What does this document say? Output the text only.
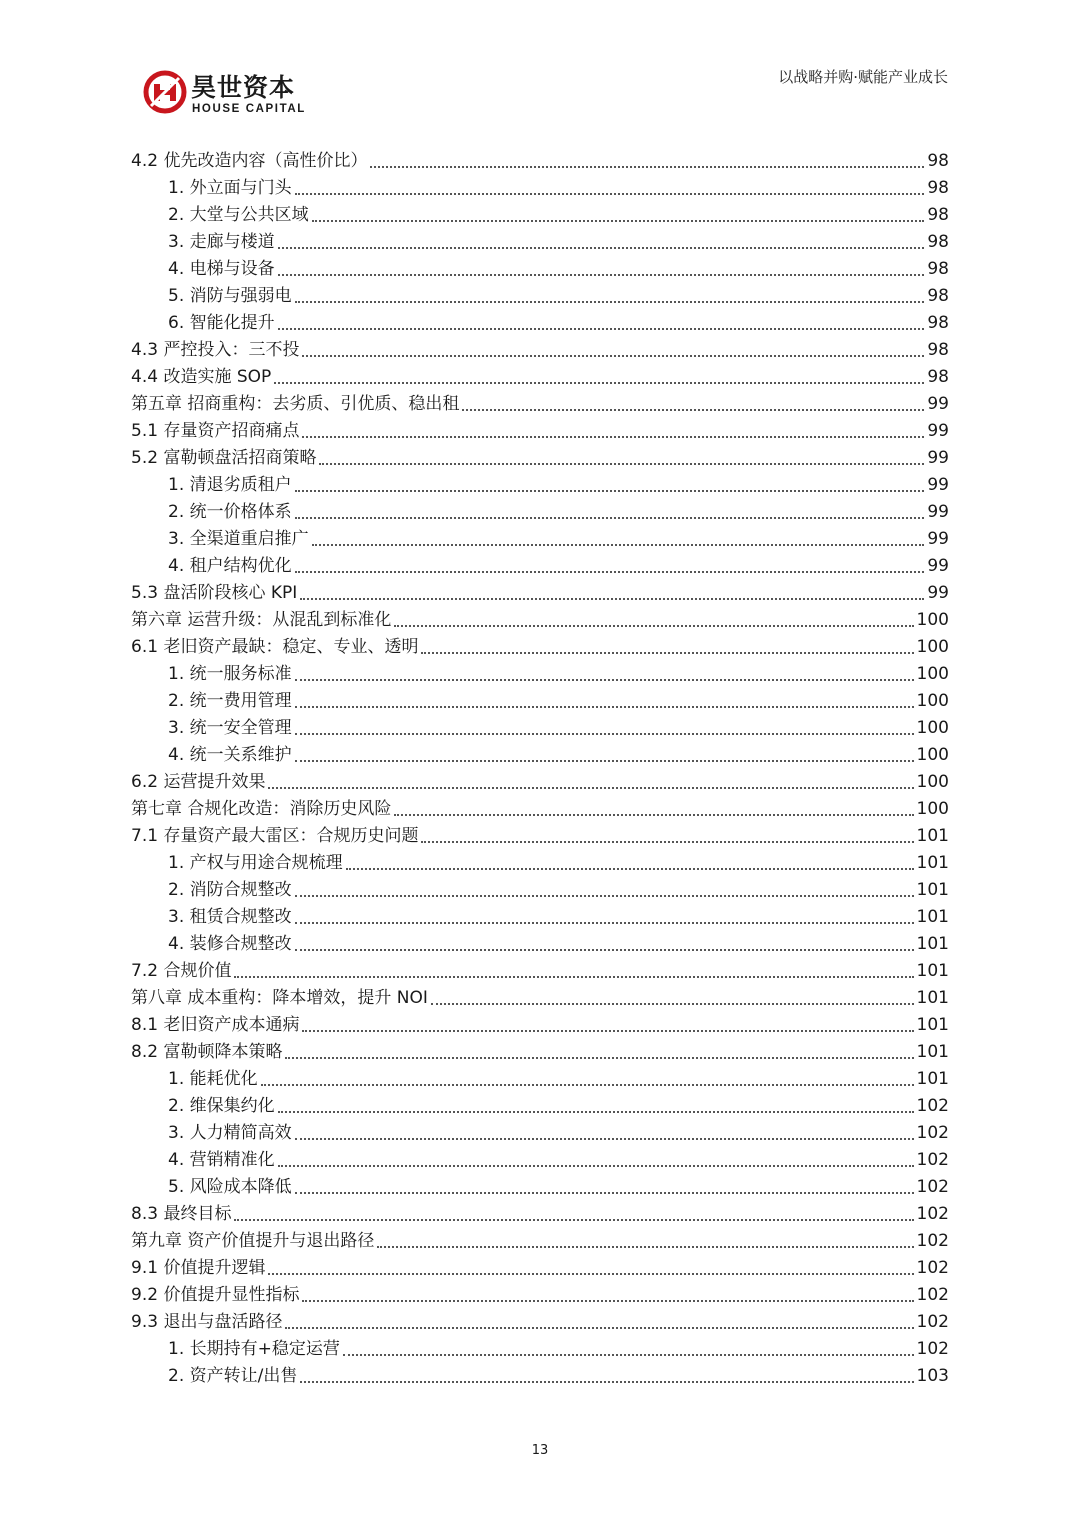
昊世资本
HOUSE CAPITAL
以战略并购·赋能产业成长
4.2 优先改造内容（高性价比）	98
1. 外立面与门头	98
2. 大堂与公共区域	98
3. 走廊与楼道	98
4. 电梯与设备	98
5. 消防与强弱电	98
6. 智能化提升	98
4.3 严控投入：三不投	98
4.4 改造实施 SOP	98
第五章 招商重构：去劣质、引优质、稳出租	99
5.1 存量资产招商痛点	99
5.2 富勒顿盘活招商策略	99
1. 清退劣质租户	99
2. 统一价格体系	99
3. 全渠道重启推广	99
4. 租户结构优化	99
5.3 盘活阶段核心 KPI	99
第六章 运营升级：从混乱到标准化	100
6.1 老旧资产最缺：稳定、专业、透明	100
1. 统一服务标准	100
2. 统一费用管理	100
3. 统一安全管理	100
4. 统一关系维护	100
6.2 运营提升效果	100
第七章 合规化改造：消除历史风险	100
7.1 存量资产最大雷区：合规历史问题	101
1. 产权与用途合规梳理	101
2. 消防合规整改	101
3. 租赁合规整改	101
4. 装修合规整改	101
7.2 合规价值	101
第八章 成本重构：降本增效，提升 NOI	101
8.1 老旧资产成本通病	101
8.2 富勒顿降本策略	101
1. 能耗优化	101
2. 维保集约化	102
3. 人力精简高效	102
4. 营销精准化	102
5. 风险成本降低	102
8.3 最终目标	102
第九章 资产价值提升与退出路径	102
9.1 价值提升逻辑	102
9.2 价值提升显性指标	102
9.3 退出与盘活路径	102
1. 长期持有+稳定运营	102
2. 资产转让/出售	103
13
